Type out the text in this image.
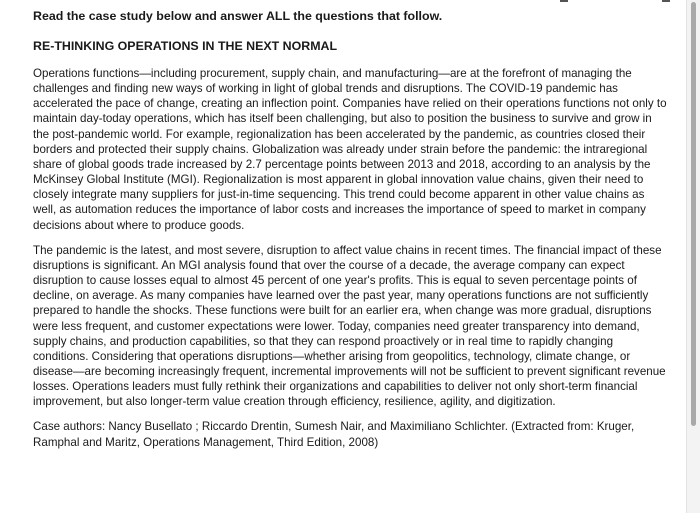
Read the case study below and answer ALL the questions that follow.
RE-THINKING OPERATIONS IN THE NEXT NORMAL
Operations functions—including procurement, supply chain, and manufacturing—are at the forefront of managing the
challenges and finding new ways of working in light of global trends and disruptions. The COVID-19 pandemic has
accelerated the pace of change, creating an inflection point. Companies have relied on their operations functions not only to
maintain day-today operations, which has itself been challenging, but also to position the business to survive and grow in
the post-pandemic world. For example, regionalization has been accelerated by the pandemic, as countries closed their
borders and protected their supply chains. Globalization was already under strain before the pandemic: the intraregional
share of global goods trade increased by 2.7 percentage points between 2013 and 2018, according to an analysis by the
McKinsey Global Institute (MGI). Regionalization is most apparent in global innovation value chains, given their need to
closely integrate many suppliers for just-in-time sequencing. This trend could become apparent in other value chains as
well, as automation reduces the importance of labor costs and increases the importance of speed to market in company
decisions about where to produce goods.
The pandemic is the latest, and most severe, disruption to affect value chains in recent times. The financial impact of these
disruptions is significant. An MGI analysis found that over the course of a decade, the average company can expect
disruption to cause losses equal to almost 45 percent of one year's profits. This is equal to seven percentage points of
decline, on average. As many companies have learned over the past year, many operations functions are not sufficiently
prepared to handle the shocks. These functions were built for an earlier era, when change was more gradual, disruptions
were less frequent, and customer expectations were lower. Today, companies need greater transparency into demand,
supply chains, and production capabilities, so that they can respond proactively or in real time to rapidly changing
conditions. Considering that operations disruptions—whether arising from geopolitics, technology, climate change, or
disease—are becoming increasingly frequent, incremental improvements will not be sufficient to prevent significant revenue
losses. Operations leaders must fully rethink their organizations and capabilities to deliver not only short-term financial
improvement, but also longer-term value creation through efficiency, resilience, agility, and digitization.
Case authors: Nancy Busellato ; Riccardo Drentin, Sumesh Nair, and Maximiliano Schlichter. (Extracted from: Kruger,
Ramphal and Maritz, Operations Management, Third Edition, 2008)
